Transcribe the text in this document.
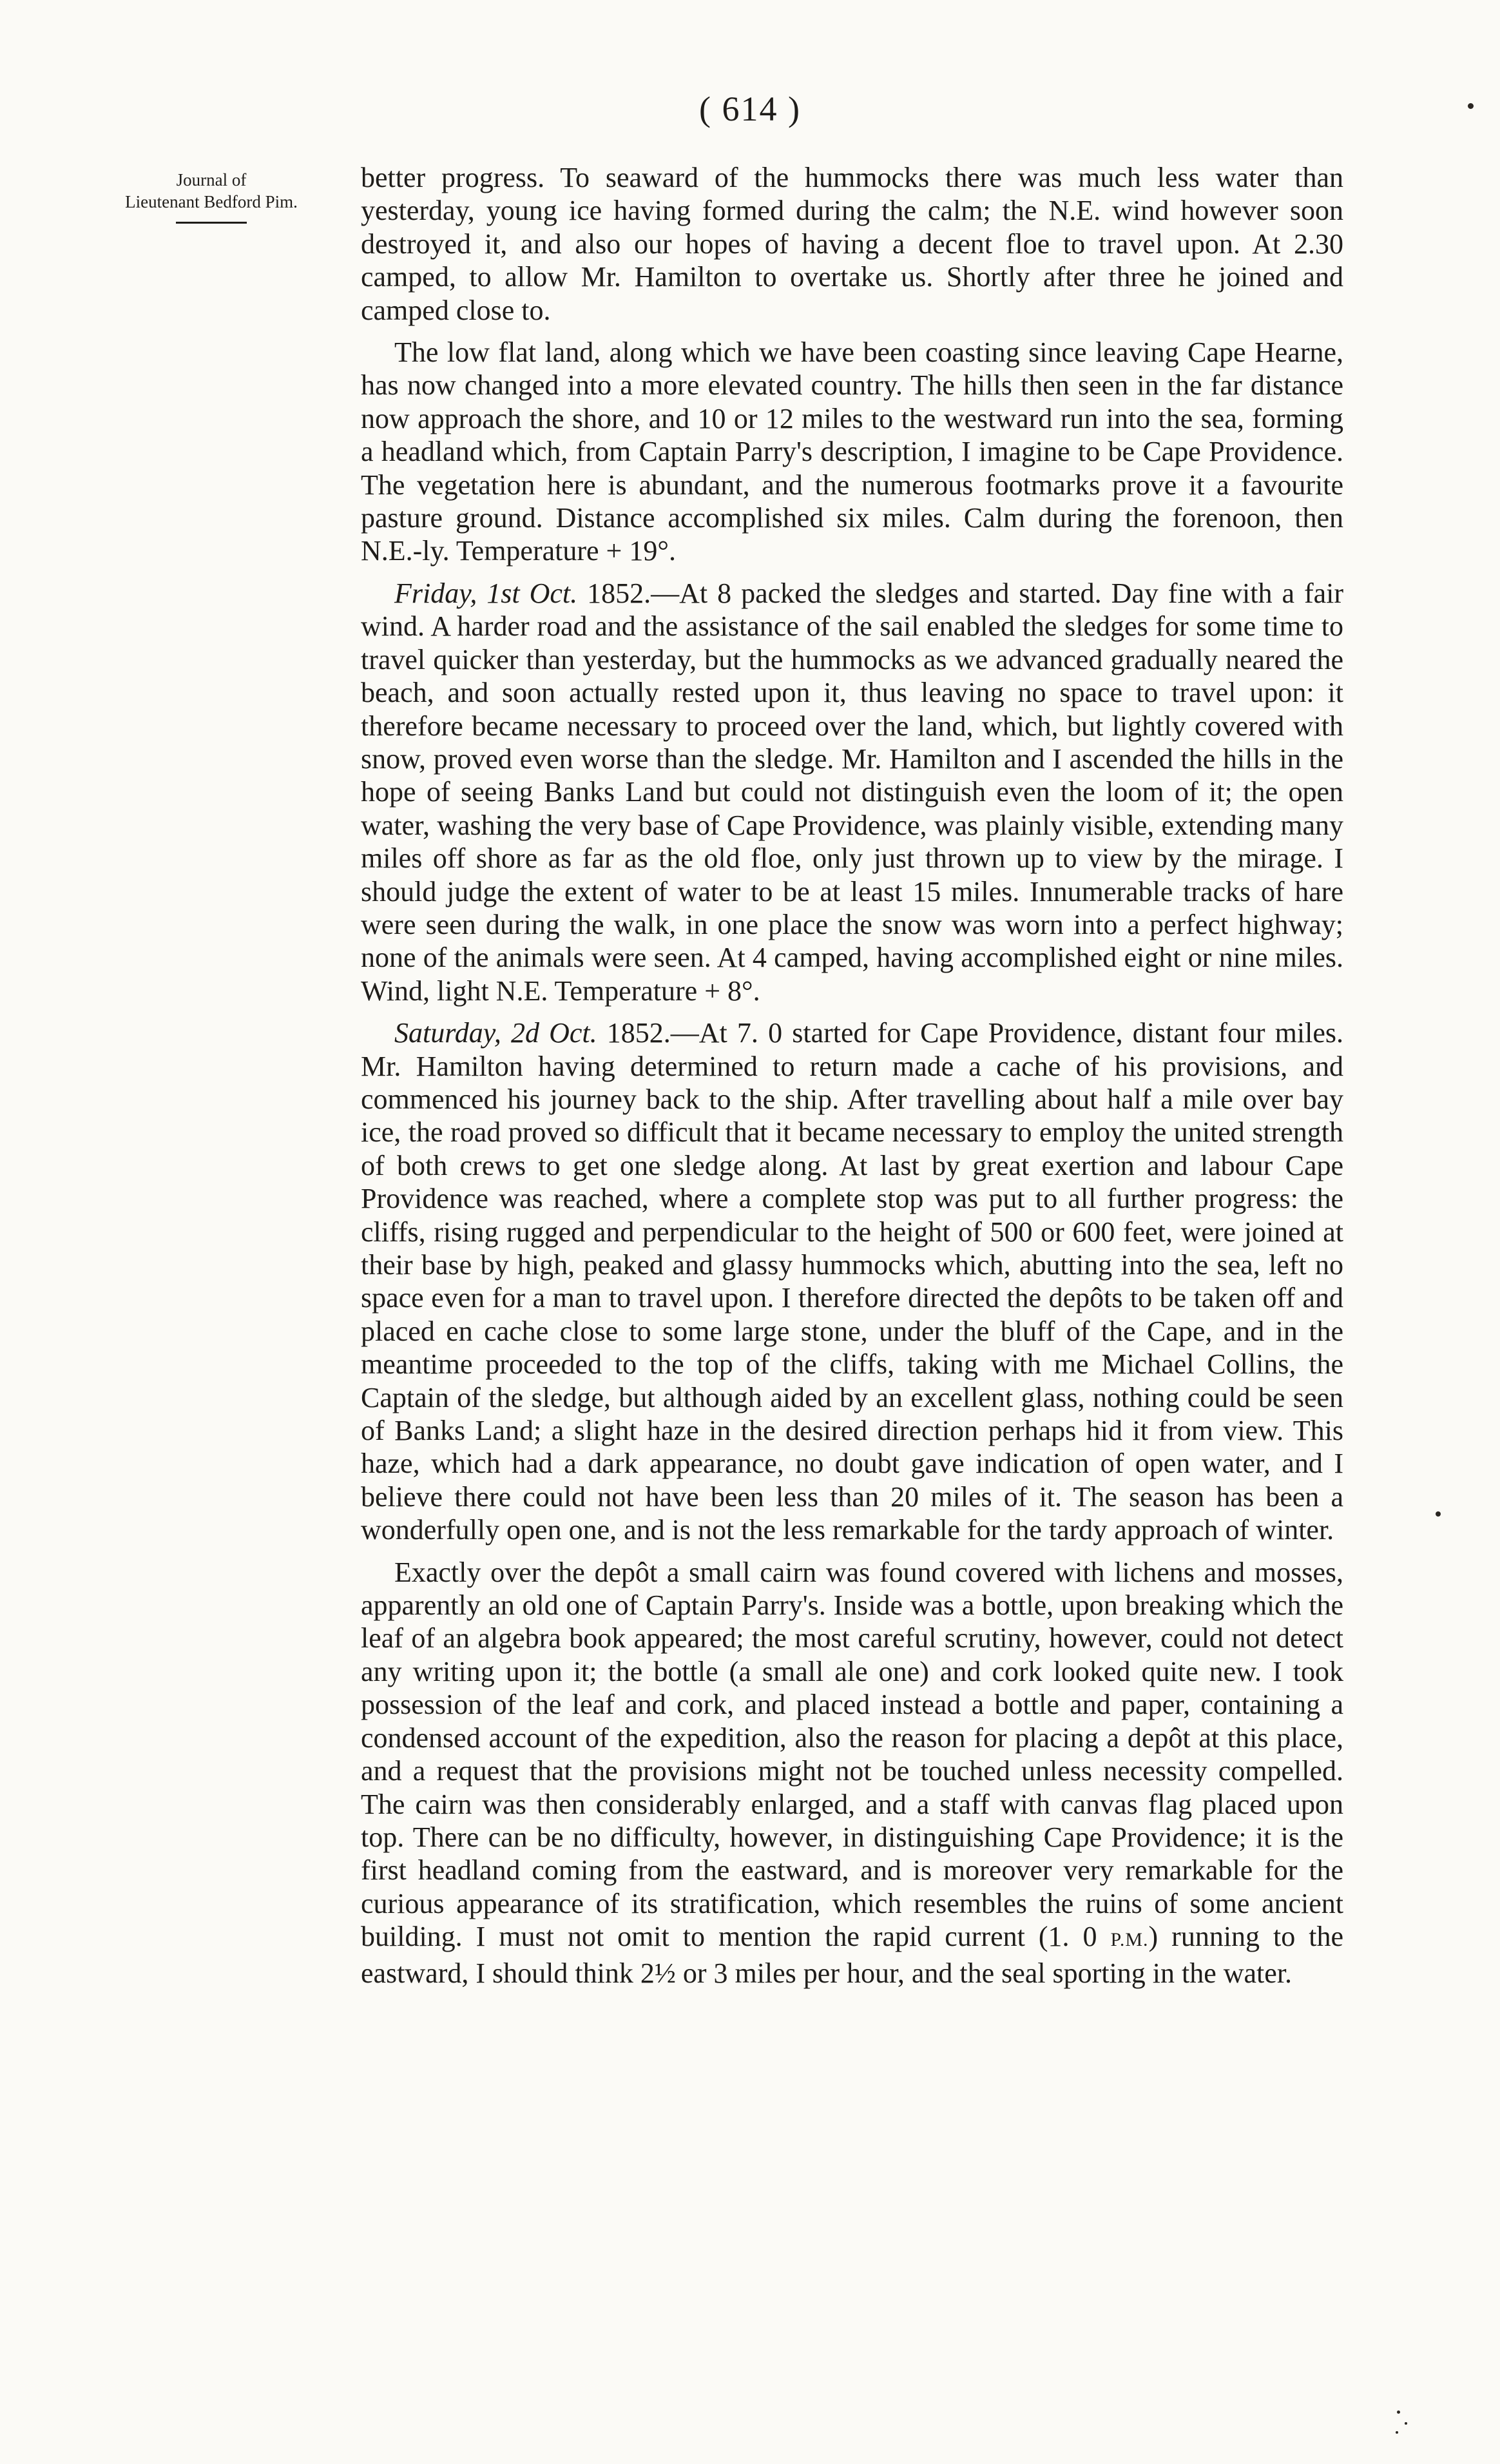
( 614 )
Journal of
Lieutenant Bedford Pim.

better progress. To seaward of the hummocks there was much less water than yesterday, young ice having formed during the calm; the N.E. wind however soon destroyed it, and also our hopes of having a decent floe to travel upon. At 2.30 camped, to allow Mr. Hamilton to overtake us. Shortly after three he joined and camped close to.

The low flat land, along which we have been coasting since leaving Cape Hearne, has now changed into a more elevated country. The hills then seen in the far distance now approach the shore, and 10 or 12 miles to the westward run into the sea, forming a headland which, from Captain Parry's description, I imagine to be Cape Providence. The vegetation here is abundant, and the numerous footmarks prove it a favourite pasture ground. Distance accomplished six miles. Calm during the forenoon, then N.E.-ly. Temperature + 19°.

Friday, 1st Oct. 1852.—At 8 packed the sledges and started. Day fine with a fair wind. A harder road and the assistance of the sail enabled the sledges for some time to travel quicker than yesterday, but the hummocks as we advanced gradually neared the beach, and soon actually rested upon it, thus leaving no space to travel upon: it therefore became necessary to proceed over the land, which, but lightly covered with snow, proved even worse than the sledge. Mr. Hamilton and I ascended the hills in the hope of seeing Banks Land but could not distinguish even the loom of it; the open water, washing the very base of Cape Providence, was plainly visible, extending many miles off shore as far as the old floe, only just thrown up to view by the mirage. I should judge the extent of water to be at least 15 miles. Innumerable tracks of hare were seen during the walk, in one place the snow was worn into a perfect highway; none of the animals were seen. At 4 camped, having accomplished eight or nine miles. Wind, light N.E. Temperature + 8°.

Saturday, 2d Oct. 1852.—At 7. 0 started for Cape Providence, distant four miles. Mr. Hamilton having determined to return made a cache of his provisions, and commenced his journey back to the ship. After travelling about half a mile over bay ice, the road proved so difficult that it became necessary to employ the united strength of both crews to get one sledge along. At last by great exertion and labour Cape Providence was reached, where a complete stop was put to all further progress: the cliffs, rising rugged and perpendicular to the height of 500 or 600 feet, were joined at their base by high, peaked and glassy hummocks which, abutting into the sea, left no space even for a man to travel upon. I therefore directed the depôts to be taken off and placed en cache close to some large stone, under the bluff of the Cape, and in the meantime proceeded to the top of the cliffs, taking with me Michael Collins, the Captain of the sledge, but although aided by an excellent glass, nothing could be seen of Banks Land; a slight haze in the desired direction perhaps hid it from view. This haze, which had a dark appearance, no doubt gave indication of open water, and I believe there could not have been less than 20 miles of it. The season has been a wonderfully open one, and is not the less remarkable for the tardy approach of winter.

Exactly over the depôt a small cairn was found covered with lichens and mosses, apparently an old one of Captain Parry's. Inside was a bottle, upon breaking which the leaf of an algebra book appeared; the most careful scrutiny, however, could not detect any writing upon it; the bottle (a small ale one) and cork looked quite new. I took possession of the leaf and cork, and placed instead a bottle and paper, containing a condensed account of the expedition, also the reason for placing a depôt at this place, and a request that the provisions might not be touched unless necessity compelled. The cairn was then considerably enlarged, and a staff with canvas flag placed upon top. There can be no difficulty, however, in distinguishing Cape Providence; it is the first headland coming from the eastward, and is moreover very remarkable for the curious appearance of its stratification, which resembles the ruins of some ancient building. I must not omit to mention the rapid current (1. 0 P.M.) running to the eastward, I should think 2½ or 3 miles per hour, and the seal sporting in the water.
